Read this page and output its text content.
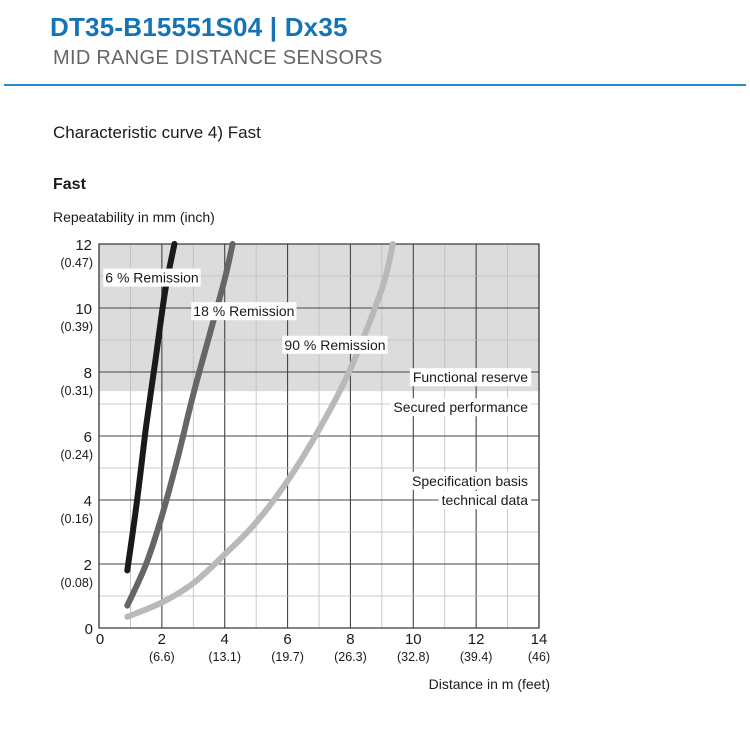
DT35-B15551S04 | Dx35
MID RANGE DISTANCE SENSORS
Characteristic curve 4) Fast
Fast
Repeatability in mm (inch)
6 % Remission
18 % Remission
90 % Remission
Functional reserve
Secured performance
Specification basis
technical data
0	2
(6.6)
4
(13.1)
6
(19.7)
8
(26.3)
10
(32.8)
12
(39.4)
14
(46)
0
2
(0.08)
4
(0.16)
6
(0.24)
8
(0.31)
10
(0.39)
12
(0.47)
Distance in m (feet)
